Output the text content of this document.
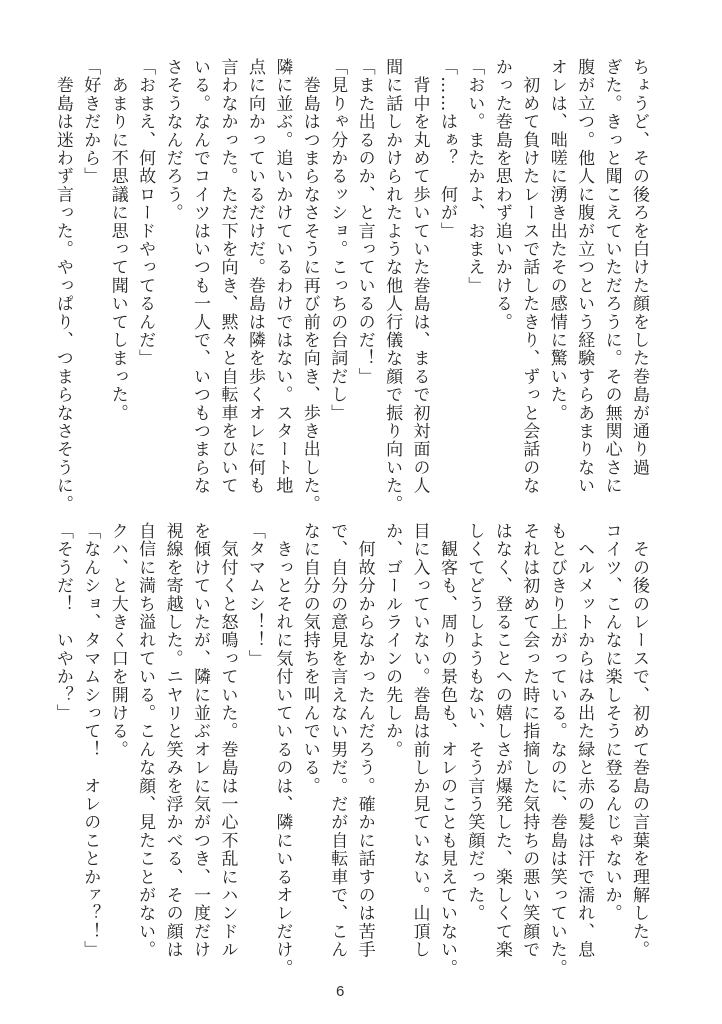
ちょうど、その後ろを白けた顔をした巻島が通り過
ぎた。きっと聞こえていただろうに。その無関心さに
腹が立つ。他人に腹が立つという経験すらあまりない
オレは、咄嗟に湧き出たその感情に驚いた。
　初めて負けたレースで話したきり、ずっと会話のな
かった巻島を思わず追いかける。
「おい。またかよ、おまえ」
「……はぁ？　何が」
　背中を丸めて歩いていた巻島は、まるで初対面の人
間に話しかけられたような他人行儀な顔で振り向いた。
「また出るのか、と言っているのだ！」
「見りゃ分かるッショ。こっちの台詞だし」
　巻島はつまらなさそうに再び前を向き、歩き出した。
隣に並ぶ。追いかけているわけではない。スタート地
点に向かっているだけだ。巻島は隣を歩くオレに何も
言わなかった。ただ下を向き、黙々と自転車をひいて
いる。なんでコイツはいつも一人で、いつもつまらな
さそうなんだろう。
「おまえ、何故ロードやってるんだ」
　あまりに不思議に思って聞いてしまった。
「好きだから」
　巻島は迷わず言った。やっぱり、つまらなさそうに。
　その後のレースで、初めて巻島の言葉を理解した。
コイツ、こんなに楽しそうに登るんじゃないか。
　ヘルメットからはみ出た緑と赤の髪は汗で濡れ、息
もとびきり上がっている。なのに、巻島は笑っていた。
それは初めて会った時に指摘した気持ちの悪い笑顔で
はなく、登ることへの嬉しさが爆発した、楽しくて楽
しくてどうしようもない、そう言う笑顔だった。
　観客も、周りの景色も、オレのことも見えていない。
目に入っていない。巻島は前しか見ていない。山頂し
か、ゴールラインの先しか。
　何故分からなかったんだろう。確かに話すのは苦手
で、自分の意見を言えない男だ。だが自転車で、こん
なに自分の気持ちを叫んでいる。
　きっとそれに気付いているのは、隣にいるオレだけ。
「タマムシ！！」
　気付くと怒鳴っていた。巻島は一心不乱にハンドル
を傾けていたが、隣に並ぶオレに気がつき、一度だけ
視線を寄越した。ニヤリと笑みを浮かべる、その顔は
自信に満ち溢れている。こんな顔、見たことがない。
クハ、と大きく口を開ける。
「なんショ、タマムシって！　オレのことかァ？！」
「そうだ！　いやか？」
6
